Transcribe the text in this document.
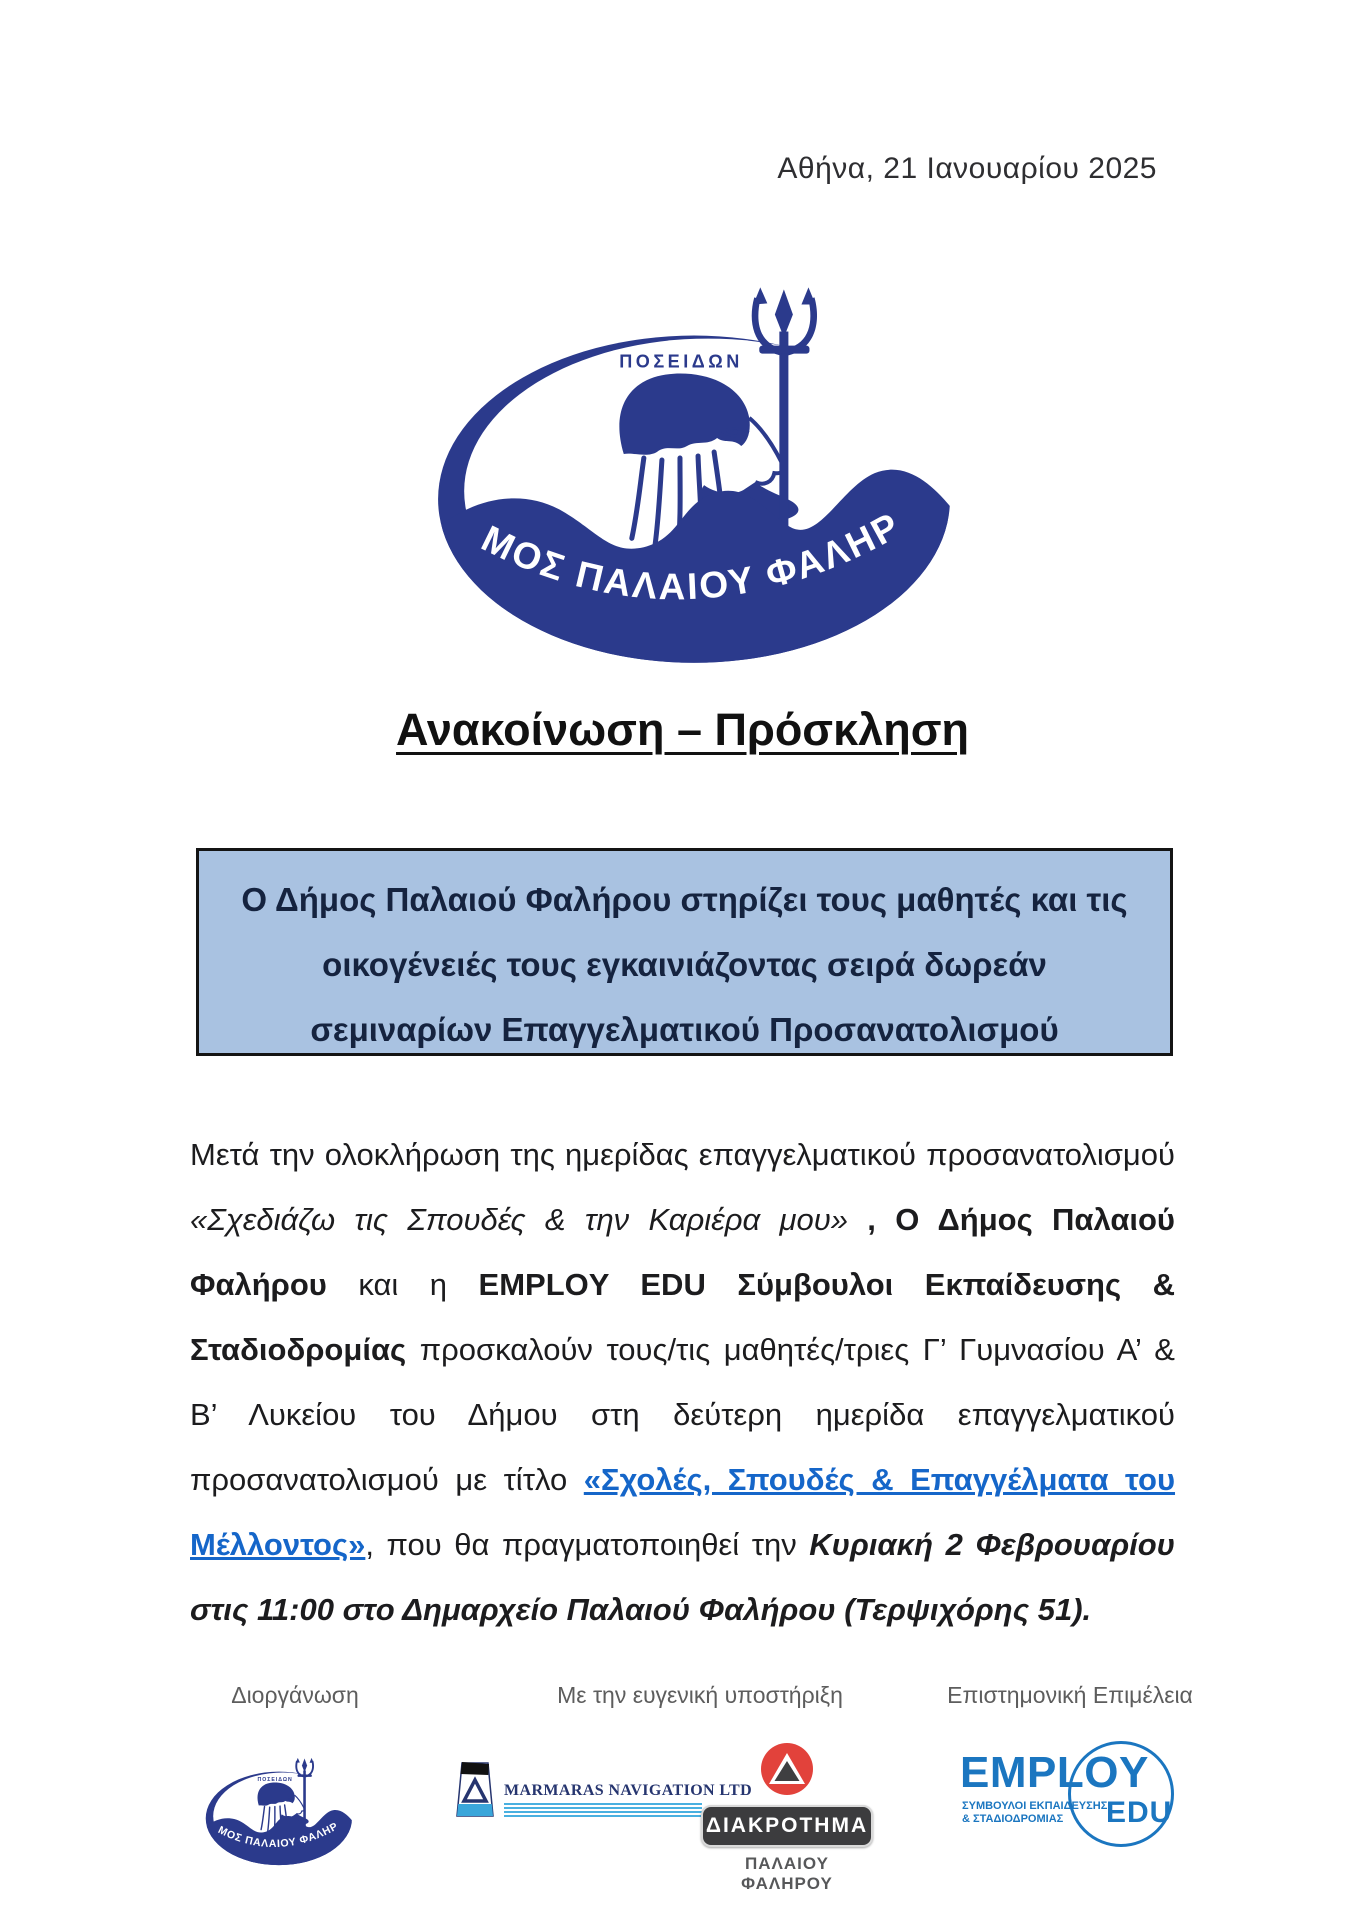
Αθήνα, 21 Ιανουαρίου 2025
Ανακοίνωση – Πρόσκληση
Ο Δήμος Παλαιού Φαλήρου στηρίζει τους μαθητές και τις
οικογένειές τους εγκαινιάζοντας σειρά δωρεάν
σεμιναρίων Επαγγελματικού Προσανατολισμού
Μετά την ολοκλήρωση της ημερίδας επαγγελματικού προσανατολισμού «Σχεδιάζω τις Σπουδές & την Καριέρα μου» , Ο Δήμος Παλαιού Φαλήρου και η EMPLOY EDU Σύμβουλοι Εκπαίδευσης & Σταδιοδρομίας προσκαλούν τους/τις μαθητές/τριες Γ’ Γυμνασίου Α’ & Β’ Λυκείου του Δήμου στη δεύτερη ημερίδα επαγγελματικού προσανατολισμού με τίτλο «Σχολές, Σπουδές & Επαγγέλματα του Μέλλοντος», που θα πραγματοποιηθεί την Κυριακή 2 Φεβρουαρίου στις 11:00 στο Δημαρχείο Παλαιού Φαλήρου (Τερψιχόρης 51).
Διοργάνωση	Με την ευγενική υποστήριξη	Επιστημονική Επιμέλεια
MARMARAS NAVIGATION LTD
ΔΙΑΚΡΟΤΗΜΑ
ΠΑΛΑΙΟΥ ΦΑΛΗΡΟΥ
EMPLOY
ΣΥΜΒΟΥΛΟΙ ΕΚΠΑΙΔΕΥΣΗΣ
& ΣΤΑΔΙΟΔΡΟΜΙΑΣ	EDU
